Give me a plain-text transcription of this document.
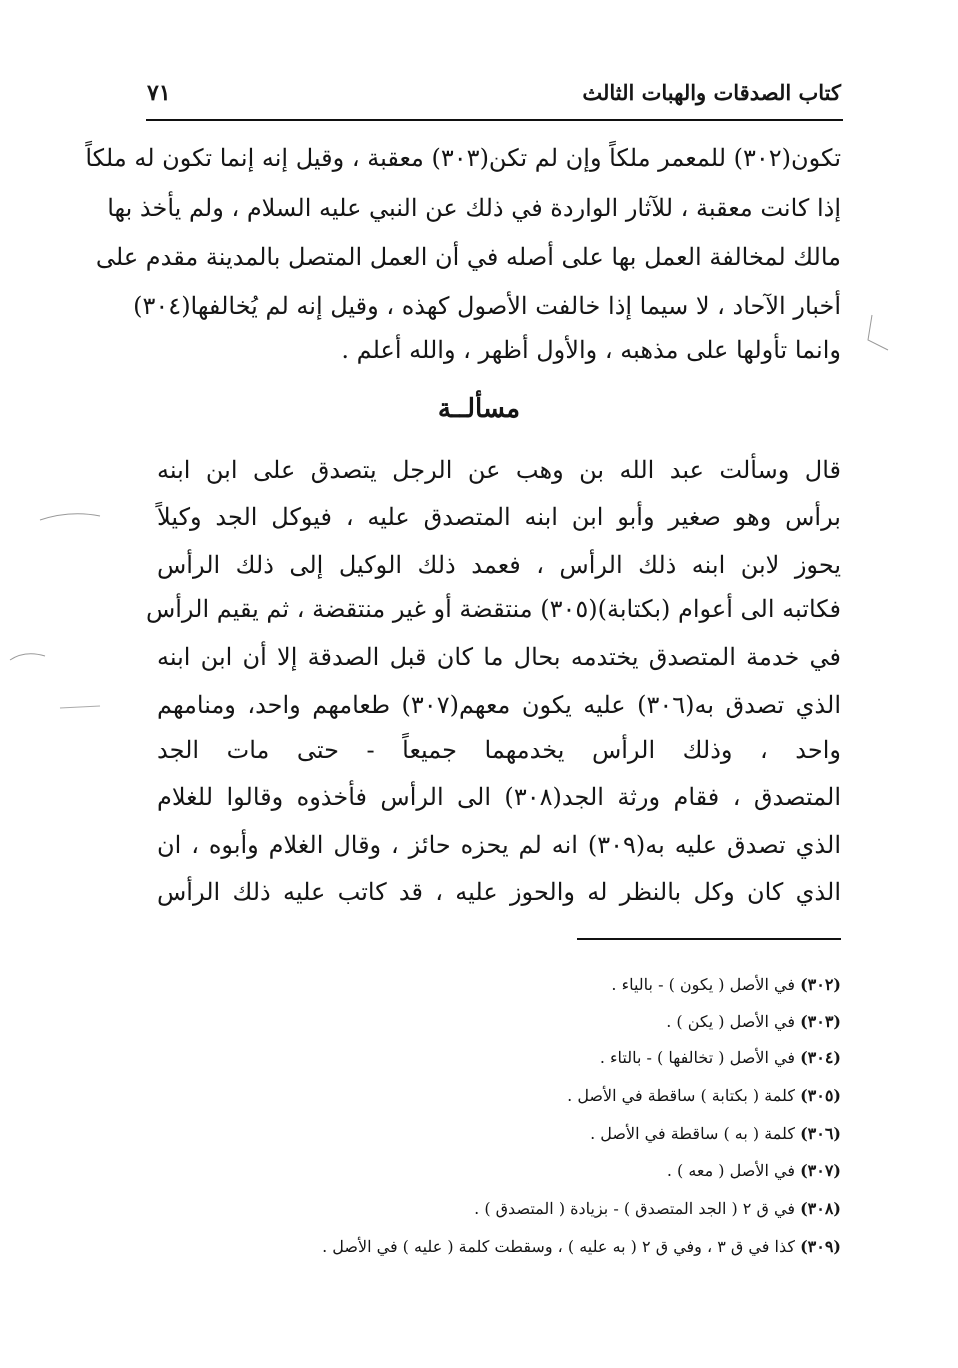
كتاب الصدقات والهبات الثالث
٧١
تكون(٣٠٢) للمعمر ملكاً وإن لم تكن(٣٠٣) معقبة ، وقيل إنه إنما تكون له ملكاً
إذا كانت معقبة ، للآثار الواردة في ذلك عن النبي عليه السلام ، ولم يأخذ بها
مالك لمخالفة العمل بها على أصله في أن العمل المتصل بالمدينة مقدم على
أخبار الآحاد ، لا سيما إذا خالفت الأصول كهذه ، وقيل إنه لم يُخالفها(٣٠٤)
وانما تأولها على مذهبه ، والأول أظهر ، والله أعلم .
مسألــة
قال وسألت عبد الله بن وهب عن الرجل يتصدق على ابن ابنه
برأس وهو صغير وأبو ابن ابنه المتصدق عليه ، فيوكل الجد وكيلاً
يحوز لابن ابنه ذلك الرأس ، فعمد ذلك الوكيل إلى ذلك الرأس
فكاتبه الى أعوام (بكتابة)(٣٠٥) منتقضة أو غير منتقضة ، ثم يقيم الرأس
في خدمة المتصدق يختدمه بحال ما كان قبل الصدقة إلا أن ابن ابنه
الذي تصدق به(٣٠٦) عليه يكون معهم(٣٠٧) طعامهم واحد، ومنامهم
واحد ، وذلك الرأس يخدمهما جميعاً - حتى مات الجد
المتصدق ، فقام ورثة الجد(٣٠٨) الى الرأس فأخذوه وقالوا للغلام
الذي تصدق عليه به(٣٠٩) انه لم يحزه حائز ، وقال الغلام وأبوه ، ان
الذي كان وكل بالنظر له والحوز عليه ، قد كاتب عليه ذلك الرأس
(٣٠٢) في الأصل ( يكون ) - بالياء .
(٣٠٣) في الأصل ( يكن ) .
(٣٠٤) في الأصل ( تخالفها ) - بالتاء .
(٣٠٥) كلمة ( بكتابة ) ساقطة في الأصل .
(٣٠٦) كلمة ( به ) ساقطة في الأصل .
(٣٠٧) في الأصل ( معه ) .
(٣٠٨) في ق ٢ ( الجد المتصدق ) - بزيادة ( المتصدق ) .
(٣٠٩) كذا في ق ٣ ، وفي ق ٢ ( به عليه ) ، وسقطت كلمة ( عليه ) في الأصل .
